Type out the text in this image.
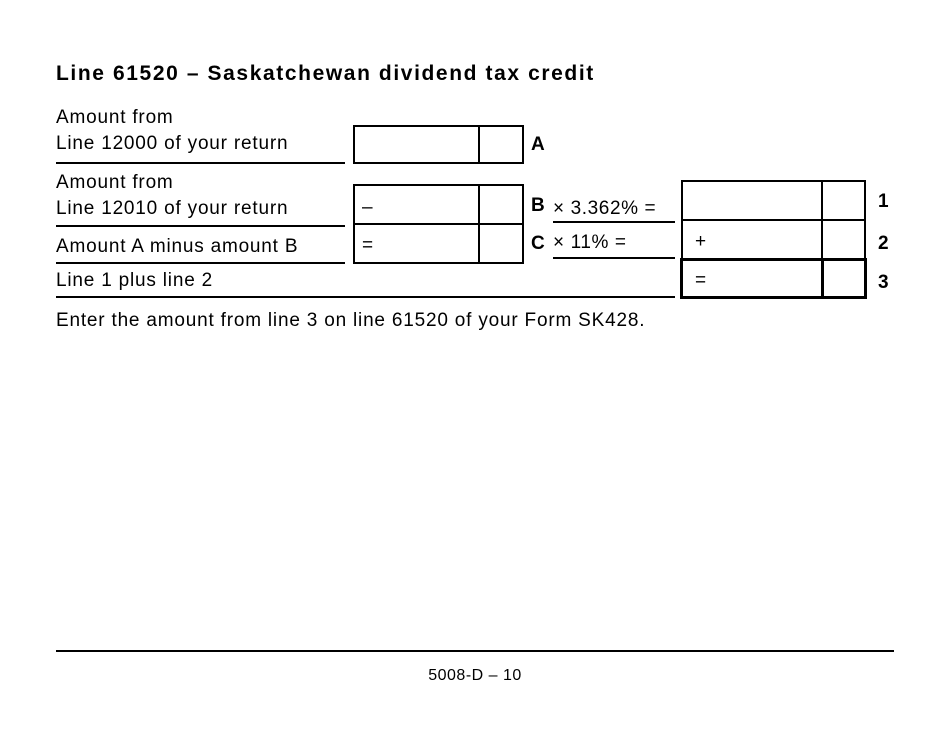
Line 61520 – Saskatchewan dividend tax credit
Amount from
Line 12000 of your return	A
Amount from
Line 12010 of your return	–	B × 3.362% =	1
Amount A minus amount B	=	C × 11% =	+	2
Line 1 plus line 2	=	3
Enter the amount from line 3 on line 61520 of your Form SK428.
5008-D – 10
